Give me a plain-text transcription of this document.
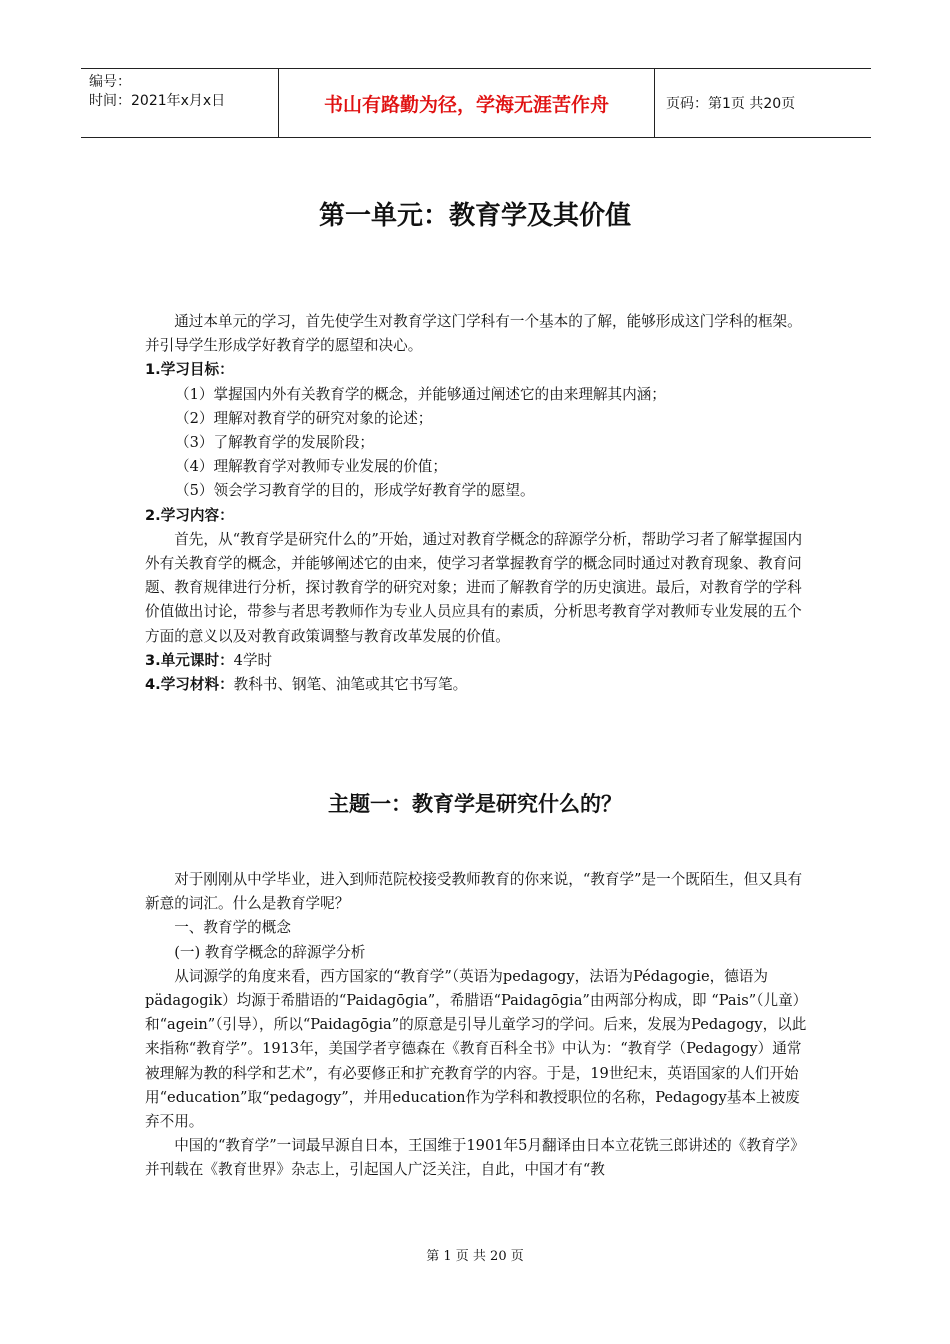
编号：
时间：2021年x月x日	书山有路勤为径，学海无涯苦作舟	页码：第1页 共20页
第一单元：教育学及其价值

通过本单元的学习，首先使学生对教育学这门学科有一个基本的了解，能够形成这门学科的框架。并引导学生形成学好教育学的愿望和决心。

1.学习目标：

（1）掌握国内外有关教育学的概念，并能够通过阐述它的由来理解其内涵；

（2）理解对教育学的研究对象的论述；

（3）了解教育学的发展阶段；

（4）理解教育学对教师专业发展的价值；

（5）领会学习教育学的目的，形成学好教育学的愿望。

2.学习内容：

首先，从“教育学是研究什么的”开始，通过对教育学概念的辞源学分析，帮助学习者了解掌握国内外有关教育学的概念，并能够阐述它的由来，使学习者掌握教育学的概念同时通过对教育现象、教育问题、教育规律进行分析，探讨教育学的研究对象；进而了解教育学的历史演进。最后，对教育学的学科价值做出讨论，带参与者思考教师作为专业人员应具有的素质，分析思考教育学对教师专业发展的五个方面的意义以及对教育政策调整与教育改革发展的价值。

3.单元课时：4学时

4.学习材料：教科书、钢笔、油笔或其它书写笔。

主题一：教育学是研究什么的？

对于刚刚从中学毕业，进入到师范院校接受教师教育的你来说，“教育学”是一个既陌生，但又具有新意的词汇。什么是教育学呢？

一、教育学的概念

(一) 教育学概念的辞源学分析

从词源学的角度来看，西方国家的“教育学”（英语为pedagogy，法语为Pédagogie，德语为pädagogik）均源于希腊语的“Paidagōgia”，希腊语“Paidagōgia”由两部分构成，即 “Pais”（儿童）和“agein”（引导），所以“Paidagōgia”的原意是引导儿童学习的学问。后来，发展为Pedagogy，以此来指称“教育学”。1913年，美国学者亨德森在《教育百科全书》中认为：“教育学（Pedagogy）通常被理解为教的科学和艺术”，有必要修正和扩充教育学的内容。于是，19世纪末，英语国家的人们开始用“education”取“pedagogy”，并用education作为学科和教授职位的名称，Pedagogy基本上被废弃不用。

中国的“教育学”一词最早源自日本，王国维于1901年5月翻译由日本立花铣三郎讲述的《教育学》并刊载在《教育世界》杂志上，引起国人广泛关注，自此，中国才有“教

第 1 页 共 20 页
